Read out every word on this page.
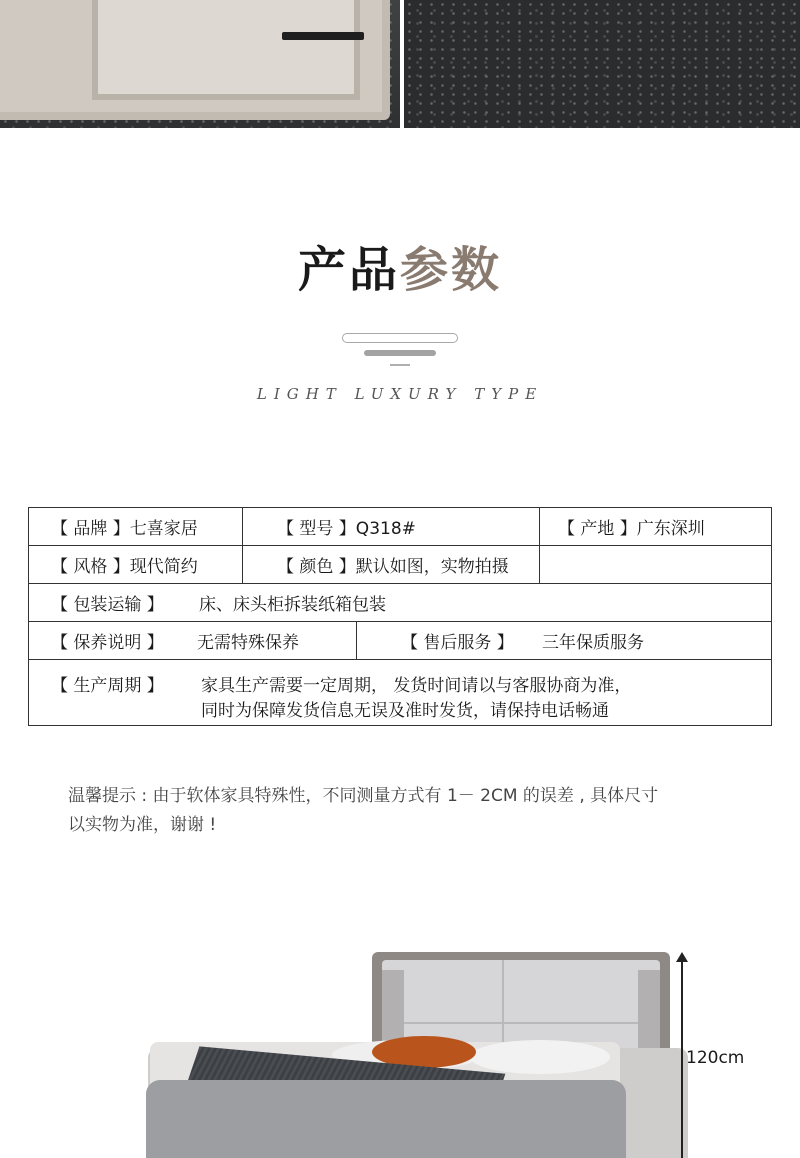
产品参数
LIGHT LUXURY TYPE
【 品牌 】七喜家居	【 型号 】Q318#	【 产地 】广东深圳
【 风格 】现代简约	【 颜色 】默认如图，实物拍摄
【 包装运输 】	床、床头柜拆装纸箱包装
【 保养说明 】	无需特殊保养	【 售后服务 】	三年保质服务
【 生产周期 】 家具生产需要一定周期， 发货时间请以与客服协商为准，
同时为保障发货信息无误及准时发货，请保持电话畅通
温馨提示 : 由于软体家具特殊性，不同测量方式有 1－ 2CM 的误差 , 具体尺寸
以实物为准，谢谢 !
120cm
